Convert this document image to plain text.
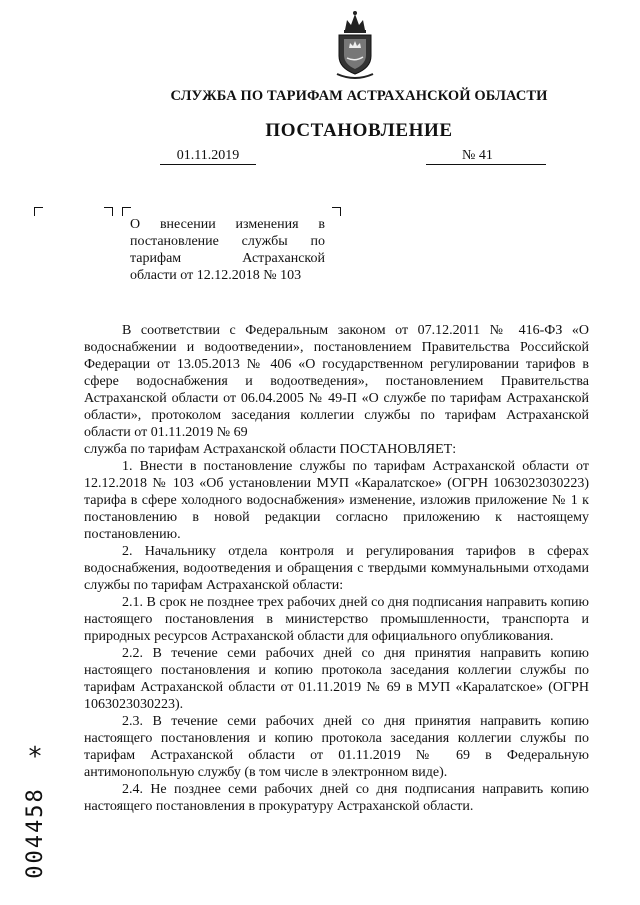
СЛУЖБА ПО ТАРИФАМ АСТРАХАНСКОЙ ОБЛАСТИ
ПОСТАНОВЛЕНИЕ
01.11.2019	№ 41
О внесении изменения в
постановление службы по
тарифам Астраханской
области от 12.12.2018 № 103

В соответствии с Федеральным законом от 07.12.2011 № 416-ФЗ «О водоснабжении и водоотведении», постановлением Правительства Российской Федерации от 13.05.2013 № 406 «О государственном регулировании тарифов в сфере водоснабжения и водоотведения», постановлением Правительства Астраханской области от 06.04.2005 № 49-П «О службе по тарифам Астраханской области», протоколом заседания коллегии службы по тарифам Астраханской области от 01.11.2019 № 69

служба по тарифам Астраханской области ПОСТАНОВЛЯЕТ:

1. Внести в постановление службы по тарифам Астраханской области от 12.12.2018 № 103 «Об установлении МУП «Каралатское» (ОГРН 1063023030223) тарифа в сфере холодного водоснабжения» изменение, изложив приложение № 1 к постановлению в новой редакции согласно приложению к настоящему постановлению.

2. Начальнику отдела контроля и регулирования тарифов в сферах водоснабжения, водоотведения и обращения с твердыми коммунальными отходами службы по тарифам Астраханской области:

2.1. В срок не позднее трех рабочих дней со дня подписания направить копию настоящего постановления в министерство промышленности, транспорта и природных ресурсов Астраханской области для официального опубликования.

2.2. В течение семи рабочих дней со дня принятия направить копию настоящего постановления и копию протокола заседания коллегии службы по тарифам Астраханской области от 01.11.2019 № 69 в МУП «Каралатское» (ОГРН 1063023030223).

2.3. В течение семи рабочих дней со дня принятия направить копию настоящего постановления и копию протокола заседания коллегии службы по тарифам Астраханской области от 01.11.2019 № 69 в Федеральную антимонопольную службу (в том числе в электронном виде).

2.4. Не позднее семи рабочих дней со дня подписания направить копию настоящего постановления в прокуратуру Астраханской области.

*
004458
